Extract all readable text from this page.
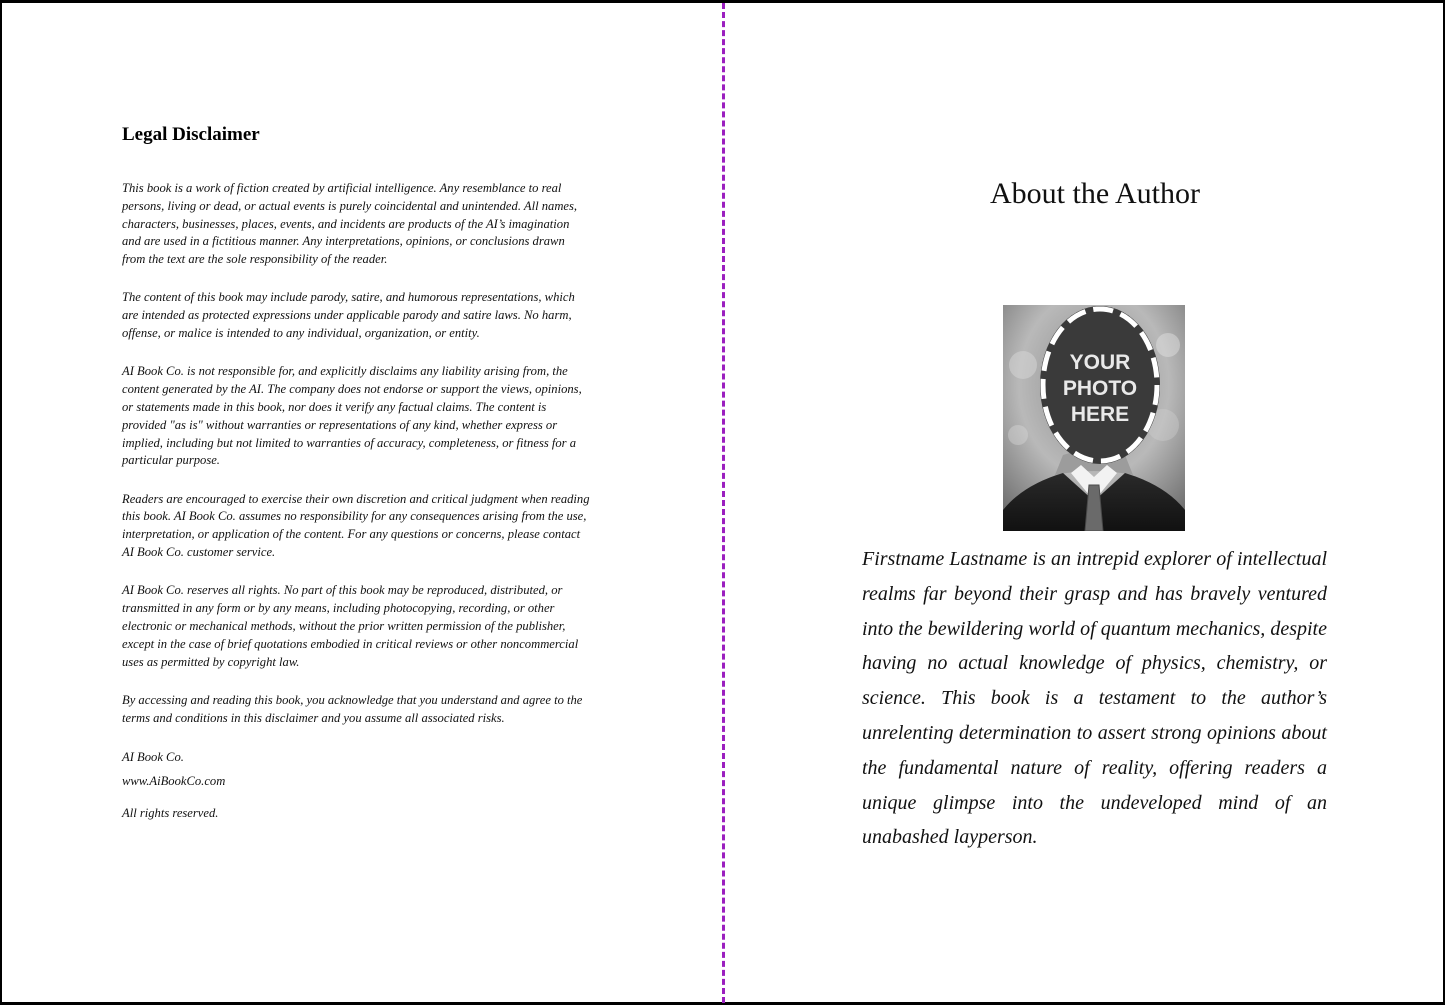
Legal Disclaimer

This book is a work of fiction created by artificial intelligence. Any resemblance to real persons, living or dead, or actual events is purely coincidental and unintended. All names, characters, businesses, places, events, and incidents are products of the AI’s imagination and are used in a fictitious manner. Any interpretations, opinions, or conclusions drawn from the text are the sole responsibility of the reader.

The content of this book may include parody, satire, and humorous representations, which are intended as protected expressions under applicable parody and satire laws. No harm, offense, or malice is intended to any individual, organization, or entity.

AI Book Co. is not responsible for, and explicitly disclaims any liability arising from, the content generated by the AI. The company does not endorse or support the views, opinions, or statements made in this book, nor does it verify any factual claims. The content is provided "as is" without warranties or representations of any kind, whether express or implied, including but not limited to warranties of accuracy, completeness, or fitness for a particular purpose.

Readers are encouraged to exercise their own discretion and critical judgment when reading this book. AI Book Co. assumes no responsibility for any consequences arising from the use, interpretation, or application of the content. For any questions or concerns, please contact AI Book Co. customer service.

AI Book Co. reserves all rights. No part of this book may be reproduced, distributed, or transmitted in any form or by any means, including photocopying, recording, or other electronic or mechanical methods, without the prior written permission of the publisher, except in the case of brief quotations embodied in critical reviews or other noncommercial uses as permitted by copyright law.

By accessing and reading this book, you acknowledge that you understand and agree to the terms and conditions in this disclaimer and you assume all associated risks.

AI Book Co.
www.AiBookCo.com
All rights reserved.
About the Author
YOUR
PHOTO
HERE
Firstname Lastname is an intrepid explorer of intellectual realms far beyond their grasp and has bravely ventured into the bewildering world of quantum mechanics, despite having no actual knowledge of physics, chemistry, or science. This book is a testament to the author’s unrelenting determination to assert strong opinions about the fundamental nature of reality, offering readers a unique glimpse into the undeveloped mind of an unabashed layperson.
